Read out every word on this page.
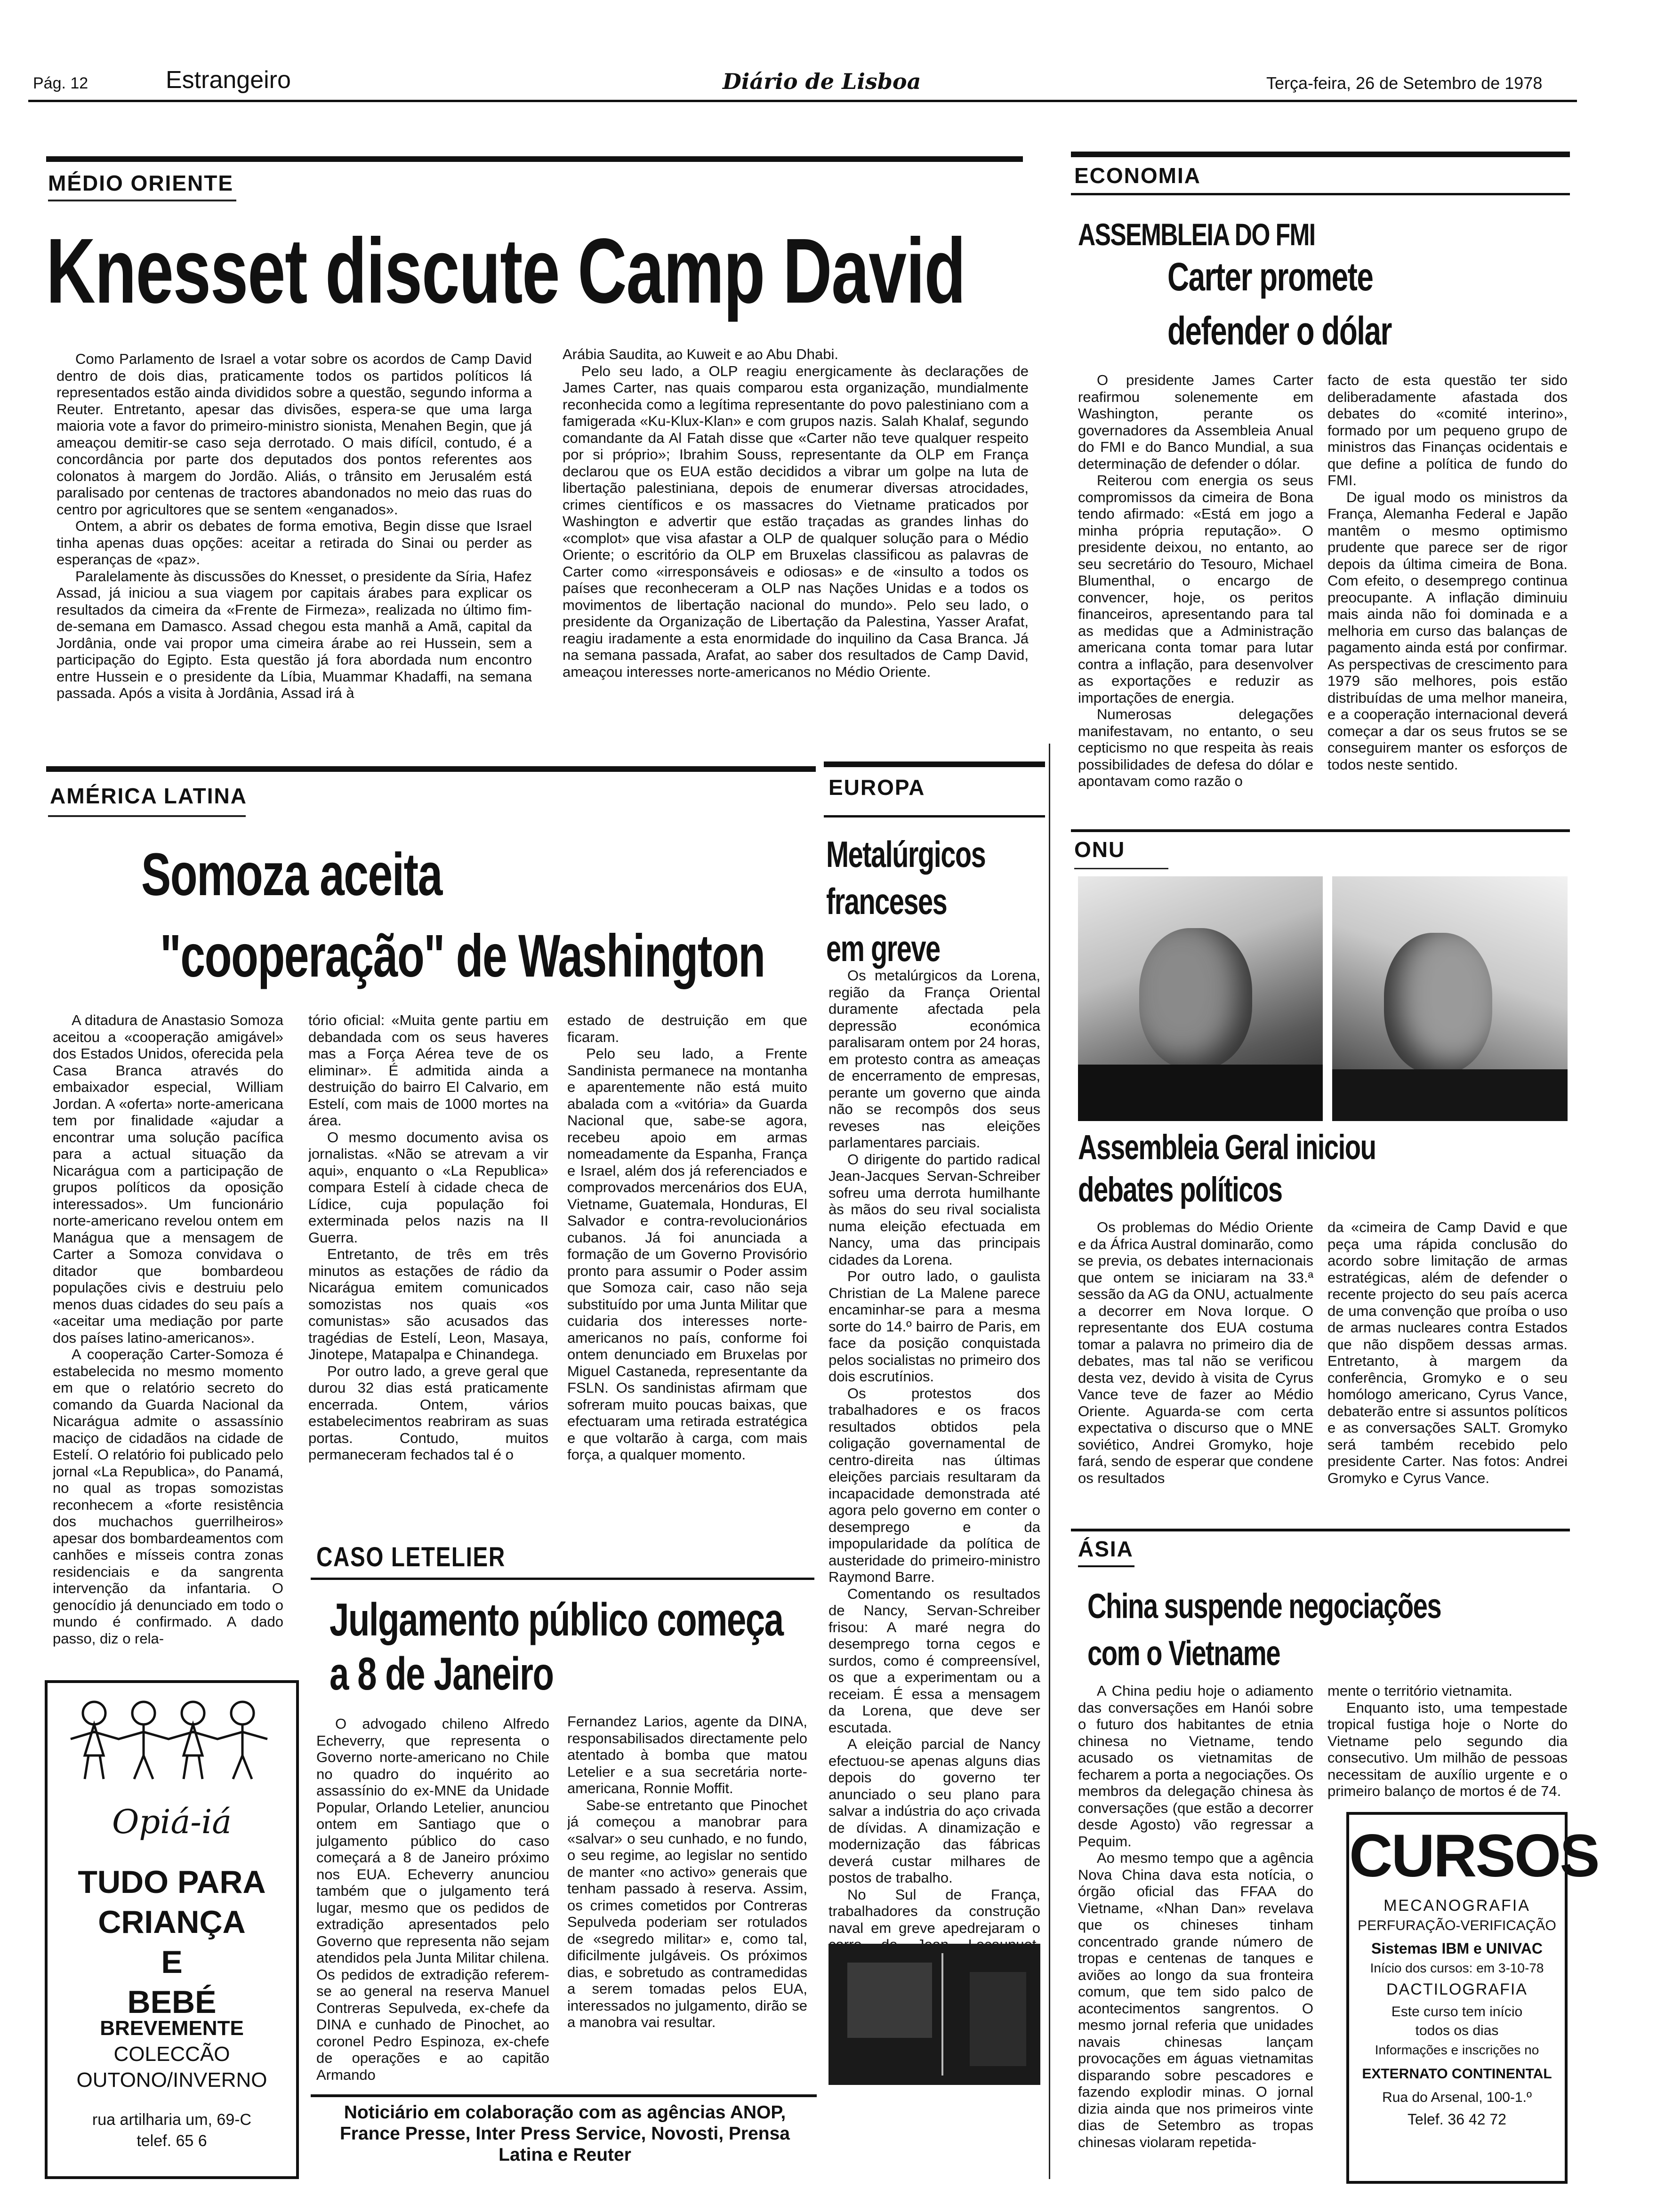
Pág. 12	Estrangeiro	Diário de Lisboa	Terça-feira, 26 de Setembro de 1978
MÉDIO ORIENTE
Knesset discute Camp David

Como Parlamento de Israel a votar sobre os acordos de Camp David dentro de dois dias, praticamente todos os partidos políticos lá representados estão ainda divididos sobre a questão, segundo informa a Reuter. Entretanto, apesar das divisões, espera-se que uma larga maioria vote a favor do primeiro-ministro sionista, Menahen Begin, que já ameaçou demitir-se caso seja derrotado. O mais difícil, contudo, é a concordância por parte dos deputados dos pontos referentes aos colonatos à margem do Jordão. Aliás, o trânsito em Jerusalém está paralisado por centenas de tractores abandonados no meio das ruas do centro por agricultores que se sentem «enganados».

Ontem, a abrir os debates de forma emotiva, Begin disse que Israel tinha apenas duas opções: aceitar a retirada do Sinai ou perder as esperanças de «paz».

Paralelamente às discussões do Knesset, o presidente da Síria, Hafez Assad, já iniciou a sua viagem por capitais árabes para explicar os resultados da cimeira da «Frente de Firmeza», realizada no último fim-de-semana em Damasco. Assad chegou esta manhã a Amã, capital da Jordânia, onde vai propor uma cimeira árabe ao rei Hussein, sem a participação do Egipto. Esta questão já fora abordada num encontro entre Hussein e o presidente da Líbia, Muammar Khadaffi, na semana passada. Após a visita à Jordânia, Assad irá à

Arábia Saudita, ao Kuweit e ao Abu Dhabi.

Pelo seu lado, a OLP reagiu energicamente às declarações de James Carter, nas quais comparou esta organização, mundialmente reconhecida como a legítima representante do povo palestiniano com a famigerada «Ku-Klux-Klan» e com grupos nazis. Salah Khalaf, segundo comandante da Al Fatah disse que «Carter não teve qualquer respeito por si próprio»; Ibrahim Souss, representante da OLP em França declarou que os EUA estão decididos a vibrar um golpe na luta de libertação palestiniana, depois de enumerar diversas atrocidades, crimes científicos e os massacres do Vietname praticados por Washington e advertir que estão traçadas as grandes linhas do «complot» que visa afastar a OLP de qualquer solução para o Médio Oriente; o escritório da OLP em Bruxelas classificou as palavras de Carter como «irresponsáveis e odiosas» e de «insulto a todos os países que reconheceram a OLP nas Nações Unidas e a todos os movimentos de libertação nacional do mundo». Pelo seu lado, o presidente da Organização de Libertação da Palestina, Yasser Arafat, reagiu iradamente a esta enormidade do inquilino da Casa Branca. Já na semana passada, Arafat, ao saber dos resultados de Camp David, ameaçou interesses norte-americanos no Médio Oriente.

ECONOMIA
ASSEMBLEIA DO FMI
Carter promete
defender o dólar

O presidente James Carter reafirmou solenemente em Washington, perante os governadores da Assembleia Anual do FMI e do Banco Mundial, a sua determinação de defender o dólar.

Reiterou com energia os seus compromissos da cimeira de Bona tendo afirmado: «Está em jogo a minha própria reputação». O presidente deixou, no entanto, ao seu secretário do Tesouro, Michael Blumenthal, o encargo de convencer, hoje, os peritos financeiros, apresentando para tal as medidas que a Administração americana conta tomar para lutar contra a inflação, para desenvolver as exportações e reduzir as importações de energia.

Numerosas delegações manifestavam, no entanto, o seu cepticismo no que respeita às reais possibilidades de defesa do dólar e apontavam como razão o

facto de esta questão ter sido deliberadamente afastada dos debates do «comité interino», formado por um pequeno grupo de ministros das Finanças ocidentais e que define a política de fundo do FMI.

De igual modo os ministros da França, Alemanha Federal e Japão mantêm o mesmo optimismo prudente que parece ser de rigor depois da última cimeira de Bona. Com efeito, o desemprego continua preocupante. A inflação diminuiu mais ainda não foi dominada e a melhoria em curso das balanças de pagamento ainda está por confirmar. As perspectivas de crescimento para 1979 são melhores, pois estão distribuídas de uma melhor maneira, e a cooperação internacional deverá começar a dar os seus frutos se se conseguirem manter os esforços de todos neste sentido.

AMÉRICA LATINA
Somoza aceita
"cooperação" de Washington

A ditadura de Anastasio Somoza aceitou a «cooperação amigável» dos Estados Unidos, oferecida pela Casa Branca através do embaixador especial, William Jordan. A «oferta» norte-americana tem por finalidade «ajudar a encontrar uma solução pacífica para a actual situação da Nicarágua com a participação de grupos políticos da oposição interessados». Um funcionário norte-americano revelou ontem em Manágua que a mensagem de Carter a Somoza convidava o ditador que bombardeou populações civis e destruiu pelo menos duas cidades do seu país a «aceitar uma mediação por parte dos países latino-americanos».

A cooperação Carter-Somoza é estabelecida no mesmo momento em que o relatório secreto do comando da Guarda Nacional da Nicarágua admite o assassínio maciço de cidadãos na cidade de Estelí. O relatório foi publicado pelo jornal «La Republica», do Panamá, no qual as tropas somozistas reconhecem a «forte resistência dos muchachos guerrilheiros» apesar dos bombardeamentos com canhões e mísseis contra zonas residenciais e da sangrenta intervenção da infantaria. O genocídio já denunciado em todo o mundo é confirmado. A dado passo, diz o rela-

tório oficial: «Muita gente partiu em debandada com os seus haveres mas a Força Aérea teve de os eliminar». É admitida ainda a destruição do bairro El Calvario, em Estelí, com mais de 1000 mortes na área.

O mesmo documento avisa os jornalistas. «Não se atrevam a vir aqui», enquanto o «La Republica» compara Estelí à cidade checa de Lídice, cuja população foi exterminada pelos nazis na II Guerra.

Entretanto, de três em três minutos as estações de rádio da Nicarágua emitem comunicados somozistas nos quais «os comunistas» são acusados das tragédias de Estelí, Leon, Masaya, Jinotepe, Matapalpa e Chinandega.

Por outro lado, a greve geral que durou 32 dias está praticamente encerrada. Ontem, vários estabelecimentos reabriram as suas portas. Contudo, muitos permaneceram fechados tal é o

estado de destruição em que ficaram.

Pelo seu lado, a Frente Sandinista permanece na montanha e aparentemente não está muito abalada com a «vitória» da Guarda Nacional que, sabe-se agora, recebeu apoio em armas nomeadamente da Espanha, França e Israel, além dos já referenciados e comprovados mercenários dos EUA, Vietname, Guatemala, Honduras, El Salvador e contra-revolucionários cubanos. Já foi anunciada a formação de um Governo Provisório pronto para assumir o Poder assim que Somoza cair, caso não seja substituído por uma Junta Militar que cuidaria dos interesses norte-americanos no país, conforme foi ontem denunciado em Bruxelas por Miguel Castaneda, representante da FSLN. Os sandinistas afirmam que sofreram muito poucas baixas, que efectuaram uma retirada estratégica e que voltarão à carga, com mais força, a qualquer momento.

CASO LETELIER
Julgamento público começa
a 8 de Janeiro

O advogado chileno Alfredo Echeverry, que representa o Governo norte-americano no Chile no quadro do inquérito ao assassínio do ex-MNE da Unidade Popular, Orlando Letelier, anunciou ontem em Santiago que o julgamento público do caso começará a 8 de Janeiro próximo nos EUA. Echeverry anunciou também que o julgamento terá lugar, mesmo que os pedidos de extradição apresentados pelo Governo que representa não sejam atendidos pela Junta Militar chilena. Os pedidos de extradição referem-se ao general na reserva Manuel Contreras Sepulveda, ex-chefe da DINA e cunhado de Pinochet, ao coronel Pedro Espinoza, ex-chefe de operações e ao capitão Armando

Fernandez Larios, agente da DINA, responsabilisados directamente pelo atentado à bomba que matou Letelier e a sua secretária norte-americana, Ronnie Moffit.

Sabe-se entretanto que Pinochet já começou a manobrar para «salvar» o seu cunhado, e no fundo, o seu regime, ao legislar no sentido de manter «no activo» generais que tenham passado à reserva. Assim, os crimes cometidos por Contreras Sepulveda poderiam ser rotulados de «segredo militar» e, como tal, dificilmente julgáveis. Os próximos dias, e sobretudo as contramedidas a serem tomadas pelos EUA, interessados no julgamento, dirão se a manobra vai resultar.

Noticiário em colaboração com as agências ANOP, France Presse, Inter Press Service, Novosti, Prensa Latina e Reuter
Opiá-iá
TUDO PARA
CRIANÇA
E
BEBÉ
BREVEMENTE
COLECCÃO
OUTONO/INVERNO
rua artilharia um, 69-C
telef. 65 6
EUROPA
Metalúrgicos
franceses
em greve

Os metalúrgicos da Lorena, região da França Oriental duramente afectada pela depressão económica paralisaram ontem por 24 horas, em protesto contra as ameaças de encerramento de empresas, perante um governo que ainda não se recompôs dos seus reveses nas eleições parlamentares parciais.

O dirigente do partido radical Jean-Jacques Servan-Schreiber sofreu uma derrota humilhante às mãos do seu rival socialista numa eleição efectuada em Nancy, uma das principais cidades da Lorena.

Por outro lado, o gaulista Christian de La Malene parece encaminhar-se para a mesma sorte do 14.º bairro de Paris, em face da posição conquistada pelos socialistas no primeiro dos dois escrutínios.

Os protestos dos trabalhadores e os fracos resultados obtidos pela coligação governamental de centro-direita nas últimas eleições parciais resultaram da incapacidade demonstrada até agora pelo governo em conter o desemprego e da impopularidade da política de austeridade do primeiro-ministro Raymond Barre.

Comentando os resultados de Nancy, Servan-Schreiber frisou: A maré negra do desemprego torna cegos e surdos, como é compreensível, os que a experimentam ou a receiam. É essa a mensagem da Lorena, que deve ser escutada.

A eleição parcial de Nancy efectuou-se apenas alguns dias depois do governo ter anunciado o seu plano para salvar a indústria do aço crivada de dívidas. A dinamização e modernização das fábricas deverá custar milhares de postos de trabalho.

No Sul de França, trabalhadores da construção naval em greve apedrejaram o

ONU
Assembleia Geral iniciou
debates políticos

Os problemas do Médio Oriente e da África Austral dominarão, como se previa, os debates internacionais que ontem se iniciaram na 33.ª sessão da AG da ONU, actualmente a decorrer em Nova Iorque. O representante dos EUA costuma tomar a palavra no primeiro dia de debates, mas tal não se verificou desta vez, devido à visita de Cyrus Vance teve de fazer ao Médio Oriente. Aguarda-se com certa expectativa o discurso que o MNE soviético, Andrei Gromyko, hoje fará, sendo de esperar que condene os resultados

da «cimeira de Camp David e que peça uma rápida conclusão do acordo sobre limitação de armas estratégicas, além de defender o recente projecto do seu país acerca de uma convenção que proíba o uso de armas nucleares contra Estados que não dispõem dessas armas. Entretanto, à margem da conferência, Gromyko e o seu homólogo americano, Cyrus Vance, debaterão entre si assuntos políticos e as conversações SALT. Gromyko será também recebido pelo presidente Carter. Nas fotos: Andrei Gromyko e Cyrus Vance.

ÁSIA
China suspende negociações
com o Vietname

A China pediu hoje o adiamento das conversações em Hanói sobre o futuro dos habitantes de etnia chinesa no Vietname, tendo acusado os vietnamitas de fecharem a porta a negociações. Os membros da delegação chinesa às conversações (que estão a decorrer desde Agosto) vão regressar a Pequim.

Ao mesmo tempo que a agência Nova China dava esta notícia, o órgão oficial das FFAA do Vietname, «Nhan Dan» revelava que os chineses tinham concentrado grande número de tropas e centenas de tanques e aviões ao longo da sua fronteira comum, que tem sido palco de acontecimentos sangrentos. O mesmo jornal referia que unidades navais chinesas lançam provocações em águas vietnamitas disparando sobre pescadores e fazendo explodir minas. O jornal dizia ainda que nos primeiros vinte dias de Setembro as tropas chinesas violaram repetida-

mente o território vietnamita.

Enquanto isto, uma tempestade tropical fustiga hoje o Norte do Vietname pelo segundo dia consecutivo. Um milhão de pessoas necessitam de auxílio urgente e o primeiro balanço de mortos é de 74.

CURSOS
MECANOGRAFIA
PERFURAÇÃO-VERIFICAÇÃO
Sistemas IBM e UNIVAC
Início dos cursos: em 3-10-78
DACTILOGRAFIA
Este curso tem início
todos os dias
Informações e inscrições no
EXTERNATO CONTINENTAL
Rua do Arsenal, 100-1.º
Telef. 36 42 72
